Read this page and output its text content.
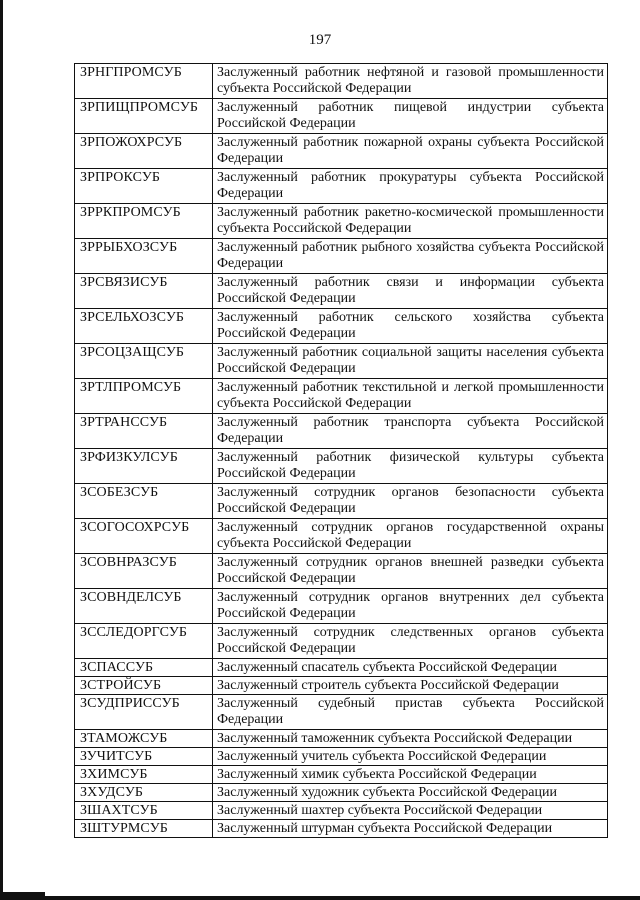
197
ЗРНГПРОМСУБ	Заслуженный работник нефтяной и газовой промышленности субъекта Российской Федерации
ЗРПИЩПРОМСУБ	Заслуженный работник пищевой индустрии субъекта Российской Федерации
ЗРПОЖОХРСУБ	Заслуженный работник пожарной охраны субъекта Российской Федерации
ЗРПРОКСУБ	Заслуженный работник прокуратуры субъекта Российской Федерации
ЗРРКПРОМСУБ	Заслуженный работник ракетно-космической промышленности субъекта Российской Федерации
ЗРРЫБХОЗСУБ	Заслуженный работник рыбного хозяйства субъекта Российской Федерации
ЗРСВЯЗИСУБ	Заслуженный работник связи и информации субъекта Российской Федерации
ЗРСЕЛЬХОЗСУБ	Заслуженный работник сельского хозяйства субъекта Российской Федерации
ЗРСОЦЗАЩСУБ	Заслуженный работник социальной защиты населения субъекта Российской Федерации
ЗРТЛПРОМСУБ	Заслуженный работник текстильной и легкой промышленности субъекта Российской Федерации
ЗРТРАНССУБ	Заслуженный работник транспорта субъекта Российской Федерации
ЗРФИЗКУЛСУБ	Заслуженный работник физической культуры субъекта Российской Федерации
ЗСОБЕЗСУБ	Заслуженный сотрудник органов безопасности субъекта Российской Федерации
ЗСОГОСОХРСУБ	Заслуженный сотрудник органов государственной охраны субъекта Российской Федерации
ЗСОВНРАЗСУБ	Заслуженный сотрудник органов внешней разведки субъекта Российской Федерации
ЗСОВНДЕЛСУБ	Заслуженный сотрудник органов внутренних дел субъекта Российской Федерации
ЗССЛЕДОРГСУБ	Заслуженный сотрудник следственных органов субъекта Российской Федерации
ЗСПАССУБ	Заслуженный спасатель субъекта Российской Федерации
ЗСТРОЙСУБ	Заслуженный строитель субъекта Российской Федерации
ЗСУДПРИССУБ	Заслуженный судебный пристав субъекта Российской Федерации
ЗТАМОЖСУБ	Заслуженный таможенник субъекта Российской Федерации
ЗУЧИТСУБ	Заслуженный учитель субъекта Российской Федерации
ЗХИМСУБ	Заслуженный химик субъекта Российской Федерации
ЗХУДСУБ	Заслуженный художник субъекта Российской Федерации
ЗШАХТСУБ	Заслуженный шахтер субъекта Российской Федерации
ЗШТУРМСУБ	Заслуженный штурман субъекта Российской Федерации
